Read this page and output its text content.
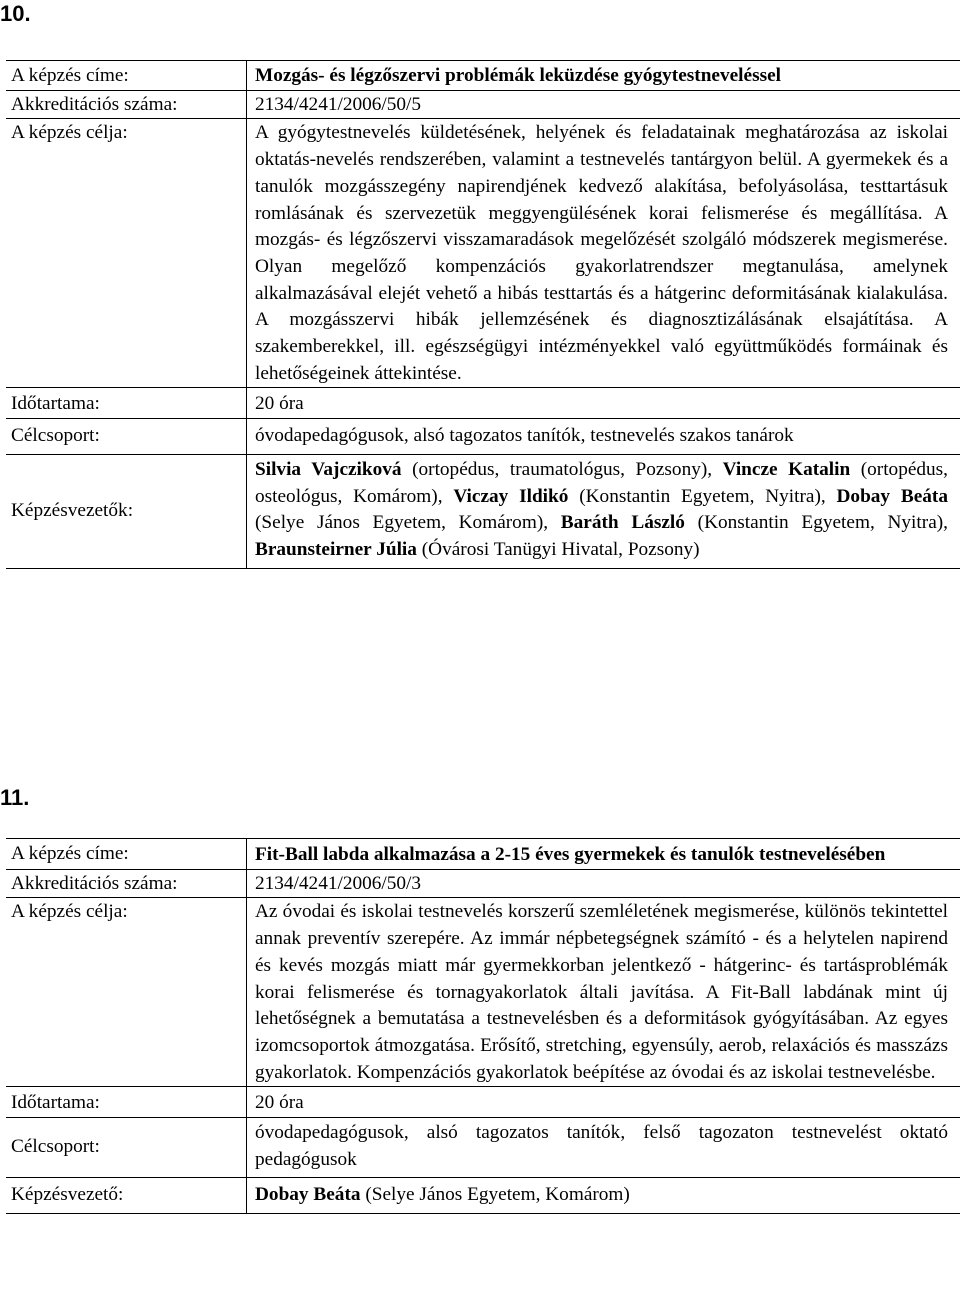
10.
A képzés címe:	Mozgás- és légzőszervi problémák leküzdése gyógytestneveléssel
Akkreditációs száma:	2134/4241/2006/50/5
A képzés célja:	A gyógytestnevelés küldetésének, helyének és feladatainak meghatározása az iskolai oktatás-nevelés rendszerében, valamint a testnevelés tantárgyon belül. A gyermekek és a tanulók mozgásszegény napirendjének kedvező alakítása, befolyásolása, testtartásuk romlásának és szervezetük meggyengülésének korai felismerése és megállítása. A mozgás- és légzőszervi visszamaradások megelőzését szolgáló módszerek megismerése. Olyan megelőző kompenzációs gyakorlatrendszer megtanulása, amelynek alkalmazásával elejét vehető a hibás testtartás és a hátgerinc deformitásának kialakulása. A mozgásszervi hibák jellemzésének és diagnosztizálásának elsajátítása. A szakemberekkel, ill. egészségügyi intézményekkel való együttműködés formáinak és lehetőségeinek áttekintése.
Időtartama:	20 óra
Célcsoport:	óvodapedagógusok, alsó tagozatos tanítók, testnevelés szakos tanárok
Képzésvezetők:	Silvia Vajcziková (ortopédus, traumatológus, Pozsony), Vincze Katalin (ortopédus, osteológus, Komárom), Viczay Ildikó (Konstantin Egyetem, Nyitra), Dobay Beáta (Selye János Egyetem, Komárom), Baráth László (Konstantin Egyetem, Nyitra), Braunsteirner Júlia (Óvárosi Tanügyi Hivatal, Pozsony)
11.
A képzés címe:	Fit-Ball labda alkalmazása a 2-15 éves gyermekek és tanulók testnevelésében
Akkreditációs száma:	2134/4241/2006/50/3
A képzés célja:	Az óvodai és iskolai testnevelés korszerű szemléletének megismerése, különös tekintettel annak preventív szerepére. Az immár népbetegségnek számító - és a helytelen napirend és kevés mozgás miatt már gyermekkorban jelentkező - hátgerinc- és tartásproblémák korai felismerése és tornagyakorlatok általi javítása. A Fit-Ball labdának mint új lehetőségnek a bemutatása a testnevelésben és a deformitások gyógyításában. Az egyes izomcsoportok átmozgatása. Erősítő, stretching, egyensúly, aerob, relaxációs és masszázs gyakorlatok. Kompenzációs gyakorlatok beépítése az óvodai és az iskolai testnevelésbe.
Időtartama:	20 óra
Célcsoport:	óvodapedagógusok, alsó tagozatos tanítók, felső tagozaton testnevelést oktató pedagógusok
Képzésvezető:	Dobay Beáta (Selye János Egyetem, Komárom)
